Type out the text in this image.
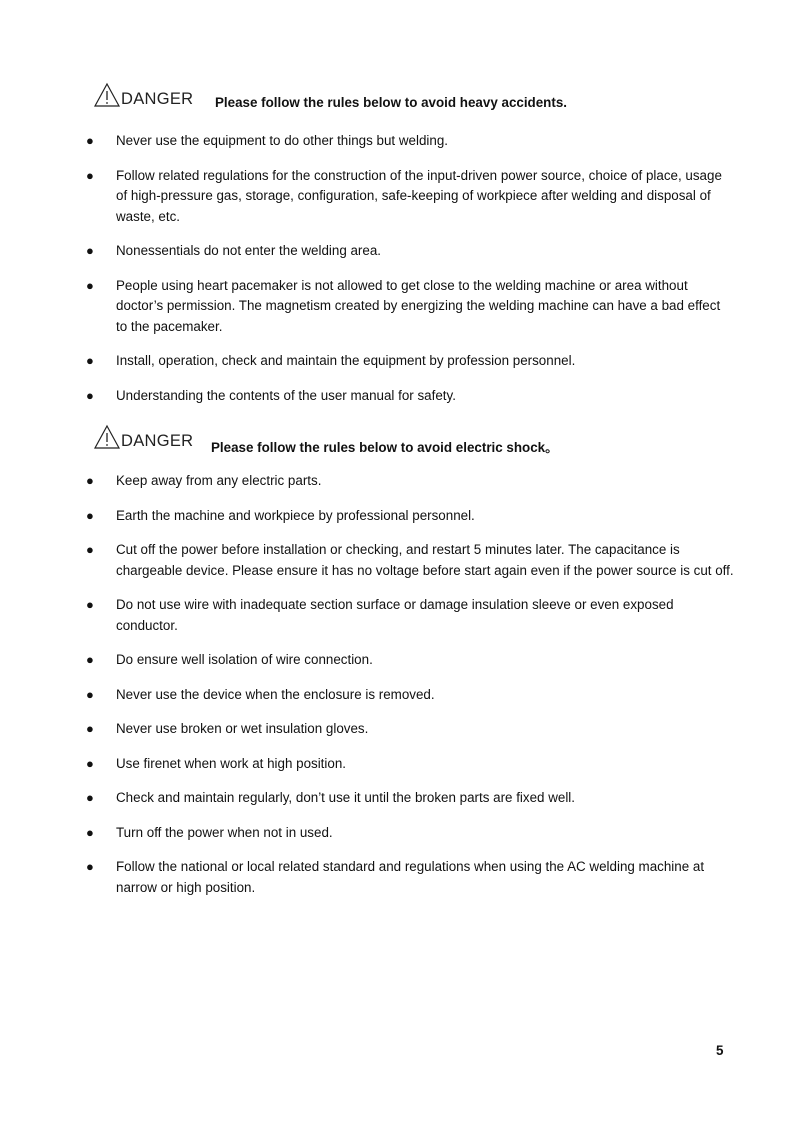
DANGER Please follow the rules below to avoid heavy accidents.
● Never use the equipment to do other things but welding.
● Follow related regulations for the construction of the input-driven power source, choice of place, usage of high-pressure gas, storage, configuration, safe-keeping of workpiece after welding and disposal of waste, etc.
● Nonessentials do not enter the welding area.
● People using heart pacemaker is not allowed to get close to the welding machine or area without doctor’s permission. The magnetism created by energizing the welding machine can have a bad effect to the pacemaker.
● Install, operation, check and maintain the equipment by profession personnel.
● Understanding the contents of the user manual for safety.
DANGER Please follow the rules below to avoid electric shock。
● Keep away from any electric parts.
● Earth the machine and workpiece by professional personnel.
● Cut off the power before installation or checking, and restart 5 minutes later. The capacitance is chargeable device. Please ensure it has no voltage before start again even if the power source is cut off.
● Do not use wire with inadequate section surface or damage insulation sleeve or even exposed conductor.
● Do ensure well isolation of wire connection.
● Never use the device when the enclosure is removed.
● Never use broken or wet insulation gloves.
● Use firenet when work at high position.
● Check and maintain regularly, don’t use it until the broken parts are fixed well.
● Turn off the power when not in used.
● Follow the national or local related standard and regulations when using the AC welding machine at narrow or high position.
5
